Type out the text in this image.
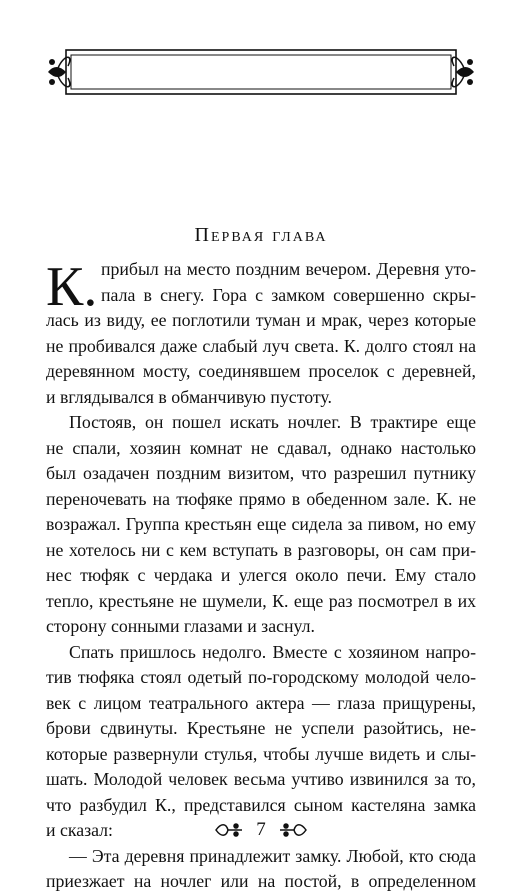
Первая глава
К. прибыл на место поздним вечером. Деревня уто-
пала в снегу. Гора с замком совершенно скры-
лась из виду, ее поглотили туман и мрак, через которые
не пробивался даже слабый луч света. К. долго стоял на
деревянном мосту, соединявшем проселок с деревней,
и вглядывался в обманчивую пустоту.
Постояв, он пошел искать ночлег. В трактире еще
не спали, хозяин комнат не сдавал, однако настолько
был озадачен поздним визитом, что разрешил путнику
переночевать на тюфяке прямо в обеденном зале. К. не
возражал. Группа крестьян еще сидела за пивом, но ему
не хотелось ни с кем вступать в разговоры, он сам при-
нес тюфяк с чердака и улегся около печи. Ему стало
тепло, крестьяне не шумели, К. еще раз посмотрел в их
сторону сонными глазами и заснул.
Спать пришлось недолго. Вместе с хозяином напро-
тив тюфяка стоял одетый по-городскому молодой чело-
век с лицом театрального актера — глаза прищурены,
брови сдвинуты. Крестьяне не успели разойтись, не-
которые развернули стулья, чтобы лучше видеть и слы-
шать. Молодой человек весьма учтиво извинился за то,
что разбудил К., представился сыном кастеляна замка
и сказал:
— Эта деревня принадлежит замку. Любой, кто сюда
приезжает на ночлег или на постой, в определенном
7
